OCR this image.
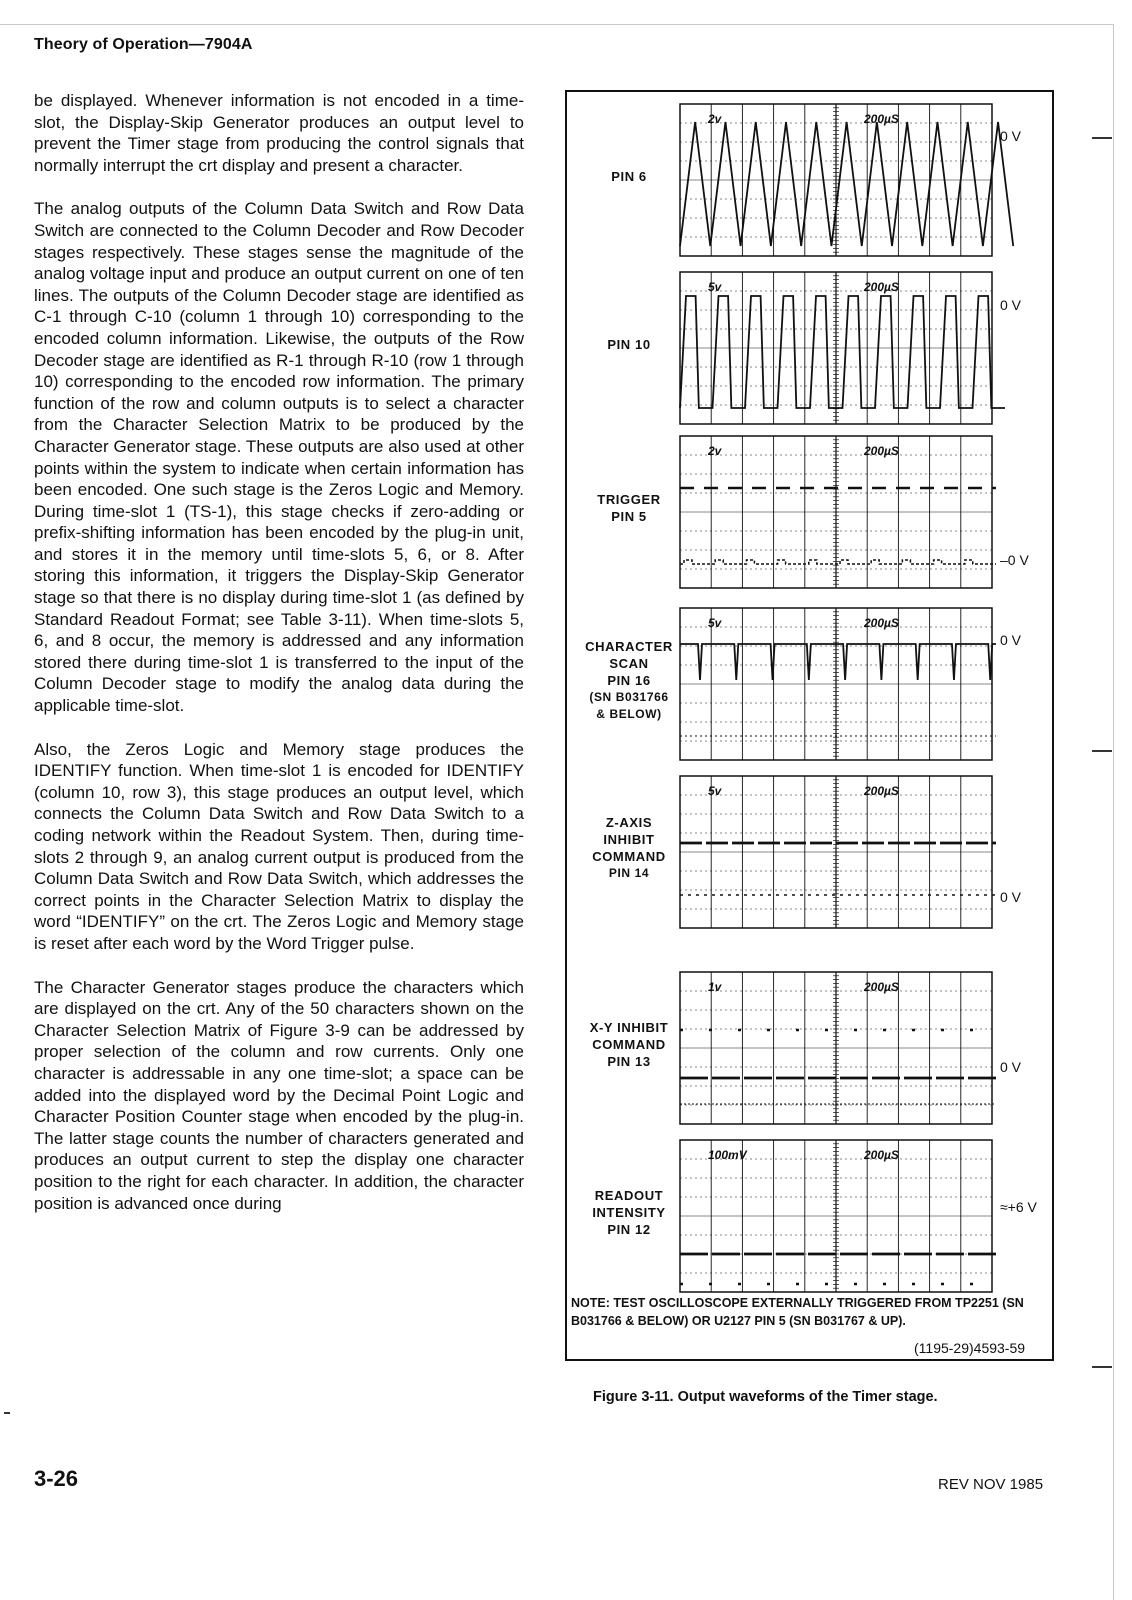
Theory of Operation—7904A

be displayed. Whenever information is not encoded in a time-slot, the Display-Skip Generator produces an output level to prevent the Timer stage from producing the control signals that normally interrupt the crt display and present a character.

The analog outputs of the Column Data Switch and Row Data Switch are connected to the Column Decoder and Row Decoder stages respectively. These stages sense the magnitude of the analog voltage input and produce an output current on one of ten lines. The outputs of the Column Decoder stage are identified as C-1 through C-10 (column 1 through 10) corresponding to the encoded column information. Likewise, the outputs of the Row Decoder stage are identified as R-1 through R-10 (row 1 through 10) corresponding to the encoded row information. The primary function of the row and column outputs is to select a character from the Character Selection Matrix to be produced by the Character Generator stage. These outputs are also used at other points within the system to indicate when certain information has been encoded. One such stage is the Zeros Logic and Memory. During time-slot 1 (TS-1), this stage checks if zero-adding or prefix-shifting information has been encoded by the plug-in unit, and stores it in the memory until time-slots 5, 6, or 8. After storing this information, it triggers the Display-Skip Generator stage so that there is no display during time-slot 1 (as defined by Standard Readout Format; see Table 3-11). When time-slots 5, 6, and 8 occur, the memory is addressed and any information stored there during time-slot 1 is transferred to the input of the Column Decoder stage to modify the analog data during the applicable time-slot.

Also, the Zeros Logic and Memory stage produces the IDENTIFY function. When time-slot 1 is encoded for IDENTIFY (column 10, row 3), this stage produces an output level, which connects the Column Data Switch and Row Data Switch to a coding network within the Readout System. Then, during time-slots 2 through 9, an analog current output is produced from the Column Data Switch and Row Data Switch, which addresses the correct points in the Character Selection Matrix to display the word “IDENTIFY” on the crt. The Zeros Logic and Memory stage is reset after each word by the Word Trigger pulse.

The Character Generator stages produce the characters which are displayed on the crt. Any of the 50 characters shown on the Character Selection Matrix of Figure 3-9 can be addressed by proper selection of the column and row currents. Only one character is addressable in any one time-slot; a space can be added into the displayed word by the Decimal Point Logic and Character Position Counter stage when encoded by the plug-in. The latter stage counts the number of characters generated and produces an output current to step the display one character position to the right for each character. In addition, the character position is advanced once during

2v	200µS
0 V
PIN 6
5v	200µS
0 V
PIN 10
2v	200µS
–0 V
TRIGGER
PIN 5
5v	200µS
0 V
CHARACTER
SCAN
PIN 16
(SN B031766
& BELOW)
5v	200µS
0 V
Z-AXIS
INHIBIT
COMMAND
PIN 14
1v	200µS
0 V
X-Y INHIBIT
COMMAND
PIN 13
100mV	200µS
≈+6 V
READOUT
INTENSITY
PIN 12
NOTE: TEST OSCILLOSCOPE EXTERNALLY TRIGGERED FROM TP2251 (SN B031766 & BELOW) OR U2127 PIN 5 (SN B031767 & UP).
(1195-29)4593-59
Figure 3-11. Output waveforms of the Timer stage.
3-26	REV NOV 1985
